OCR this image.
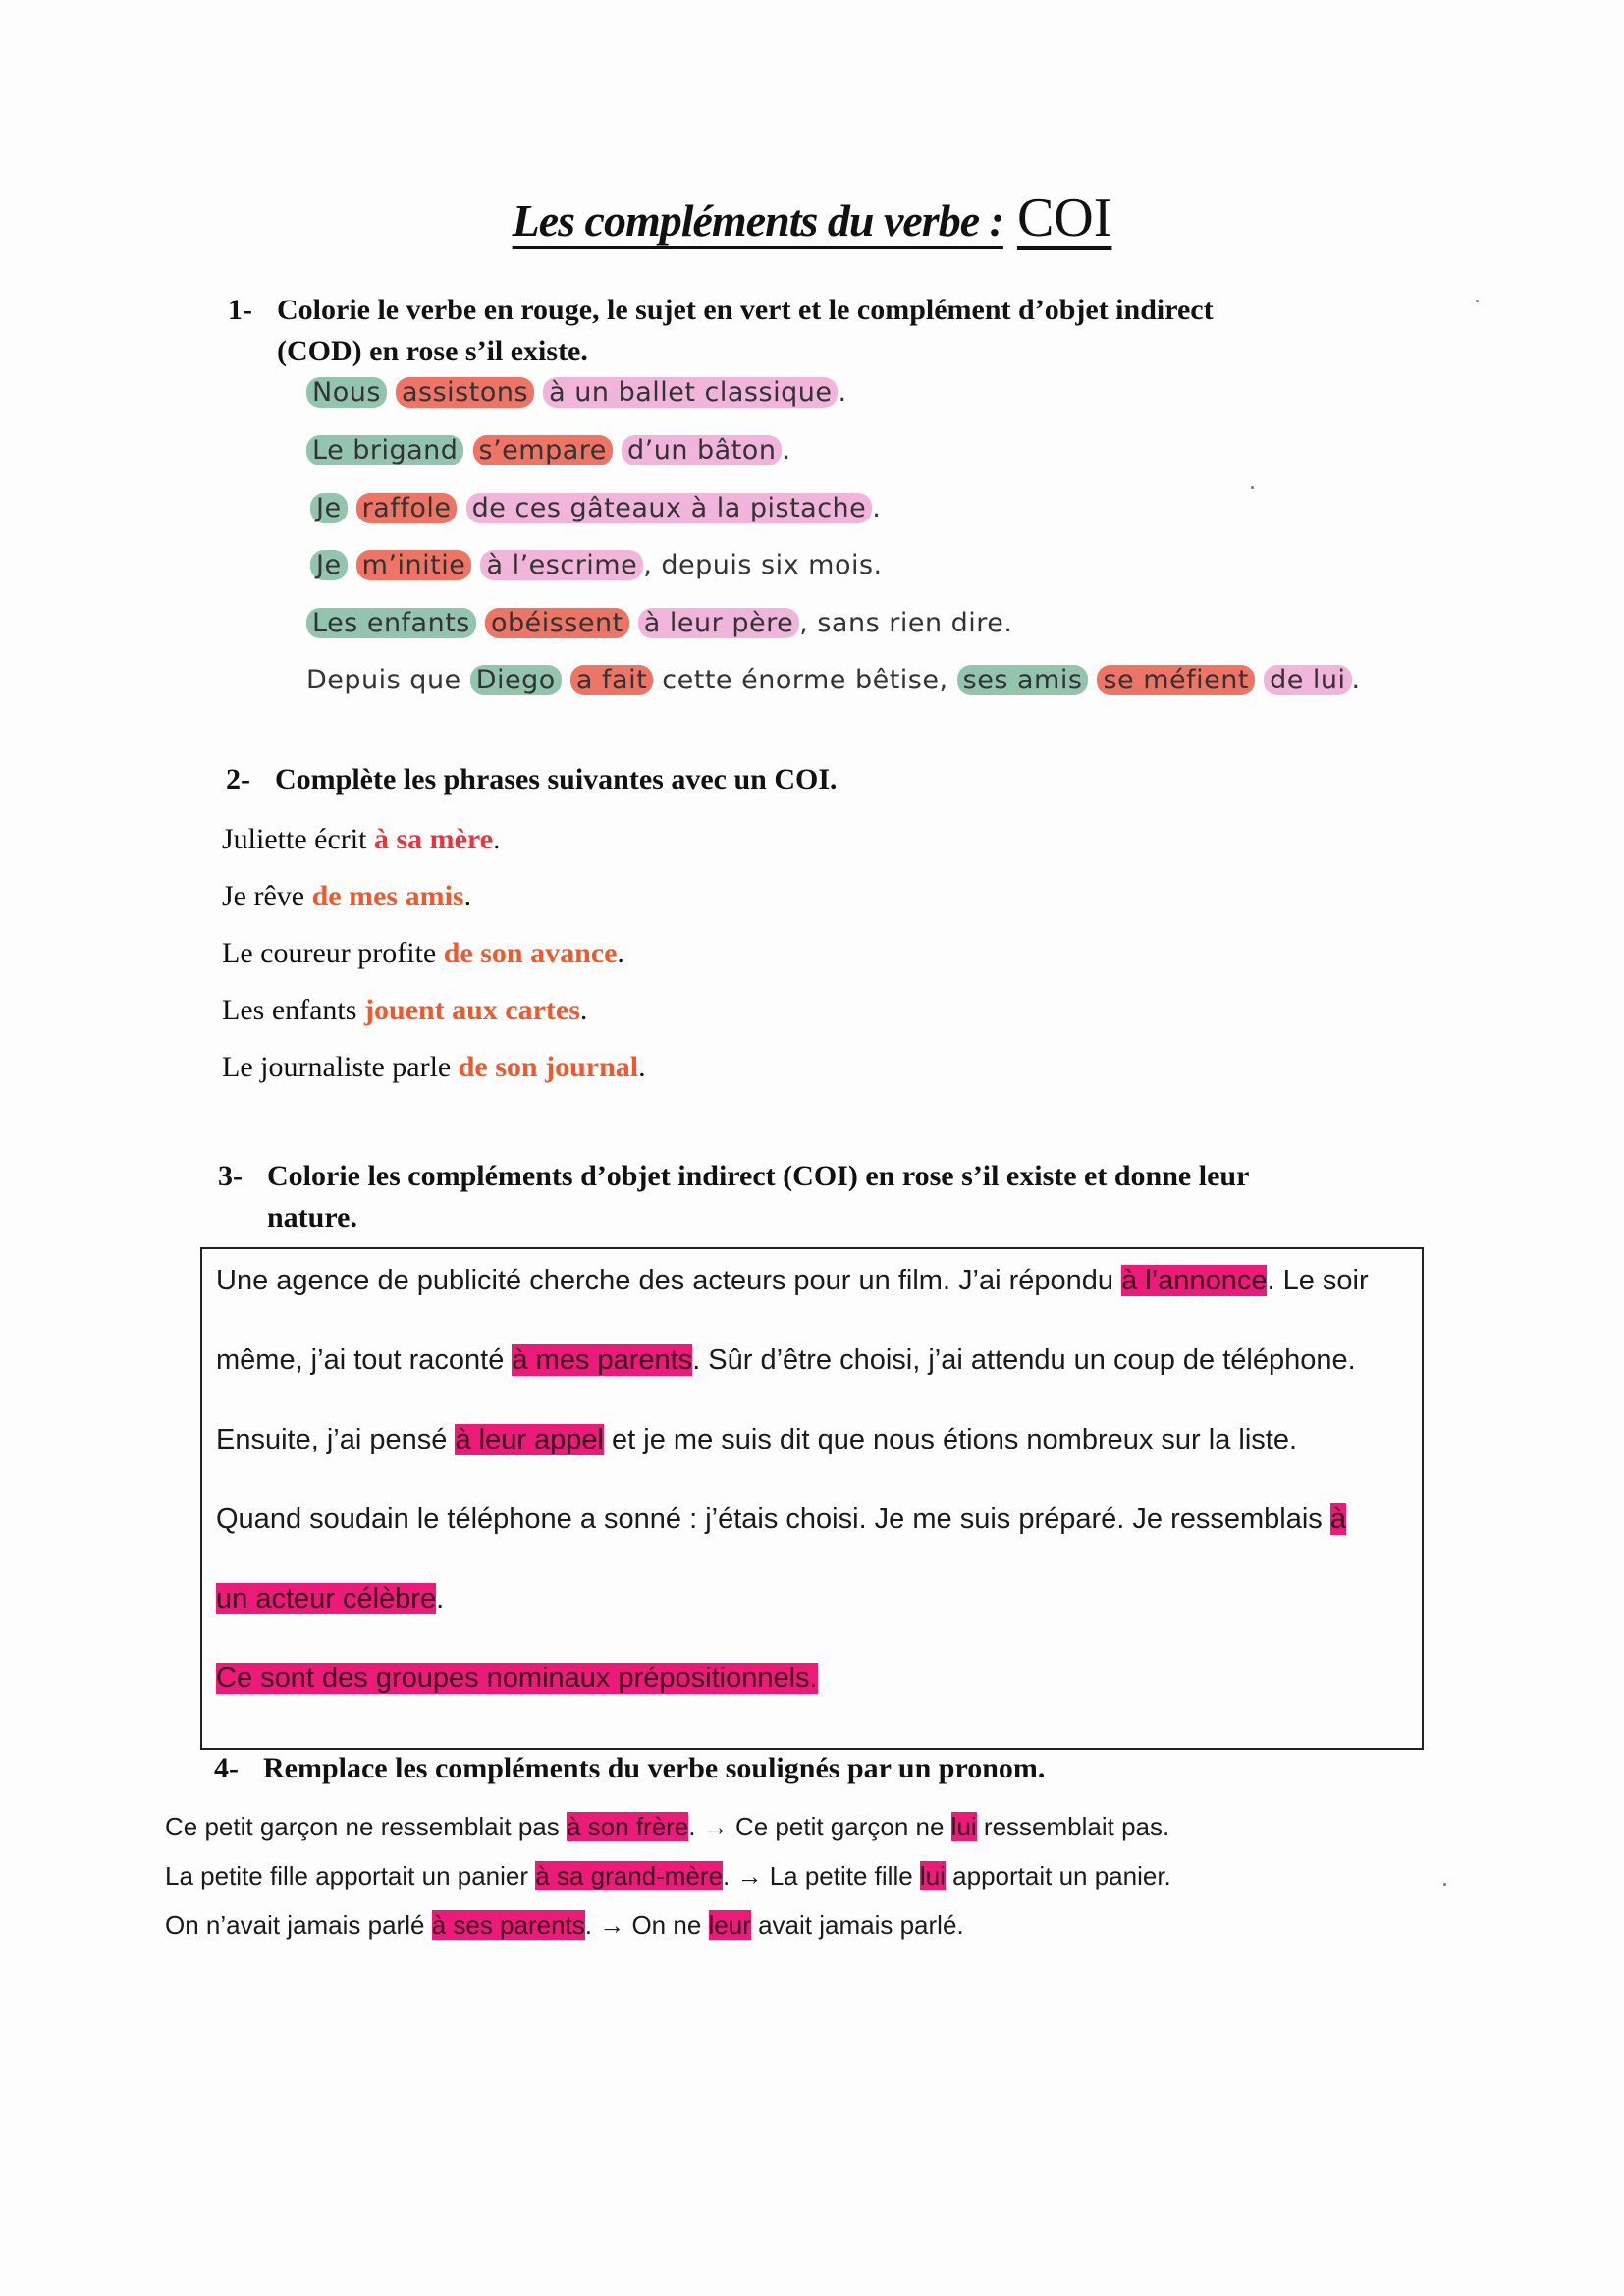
Les compléments du verbe : COI
1- Colorie le verbe en rouge, le sujet en vert et le complément d’objet indirect
(COD) en rose s’il existe.
Nous assistons à un ballet classique .
Le brigand s’empare d’un bâton .
Je raffole de ces gâteaux à la pistache .
Je m’initie à l’escrime , depuis six mois.
Les enfants obéissent à leur père , sans rien dire.
Depuis que Diego a fait cette énorme bêtise, ses amis se méfient de lui .
2- Complète les phrases suivantes avec un COI.
Juliette écrit à sa mère.
Je rêve de mes amis.
Le coureur profite de son avance.
Les enfants jouent aux cartes.
Le journaliste parle de son journal.
3- Colorie les compléments d’objet indirect (COI) en rose s’il existe et donne leur
nature.
Une agence de publicité cherche des acteurs pour un film. J’ai répondu à l’annonce. Le soir
même, j’ai tout raconté à mes parents. Sûr d’être choisi, j’ai attendu un coup de téléphone.
Ensuite, j’ai pensé à leur appel et je me suis dit que nous étions nombreux sur la liste.
Quand soudain le téléphone a sonné : j’étais choisi. Je me suis préparé. Je ressemblais à
un acteur célèbre.
Ce sont des groupes nominaux prépositionnels.
4- Remplace les compléments du verbe soulignés par un pronom.
Ce petit garçon ne ressemblait pas à son frère. → Ce petit garçon ne lui ressemblait pas.
La petite fille apportait un panier à sa grand-mère. → La petite fille lui apportait un panier.
On n’avait jamais parlé à ses parents. → On ne leur avait jamais parlé.
